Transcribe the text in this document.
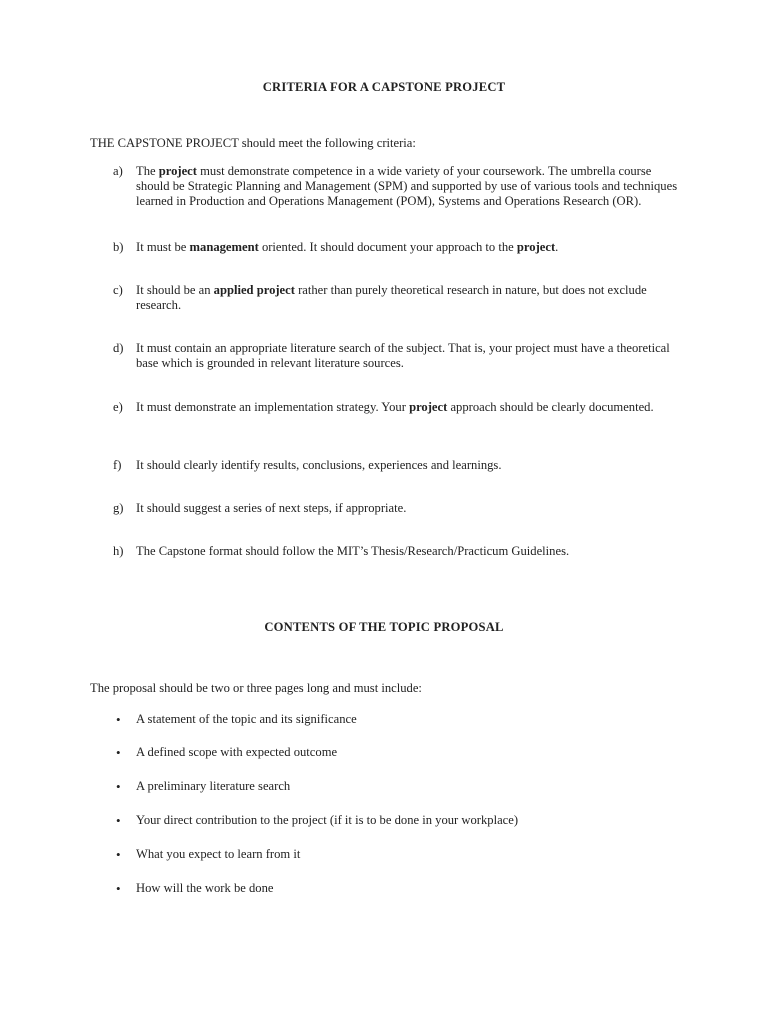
CRITERIA FOR A CAPSTONE PROJECT

THE CAPSTONE PROJECT should meet the following criteria:

a)	The project must demonstrate competence in a wide variety of your coursework. The umbrella course should be Strategic Planning and Management (SPM) and supported by use of various tools and techniques learned in Production and Operations Management (POM), Systems and Operations Research (OR).
b) It must be management oriented. It should document your approach to the project.
c)	It should be an applied project rather than purely theoretical research in nature, but does not exclude research.
d) It must contain an appropriate literature search of the subject. That is, your project must have a theoretical base which is grounded in relevant literature sources.
e)	It must demonstrate an implementation strategy. Your project approach should be clearly documented.
f)	It should clearly identify results, conclusions, experiences and learnings.
g) It should suggest a series of next steps, if appropriate.
h) The Capstone format should follow the MIT’s Thesis/Research/Practicum Guidelines.
CONTENTS OF THE TOPIC PROPOSAL

The proposal should be two or three pages long and must include:

•	A statement of the topic and its significance
•	A defined scope with expected outcome
•	A preliminary literature search
•	Your direct contribution to the project (if it is to be done in your workplace)
•	What you expect to learn from it
•	How will the work be done
